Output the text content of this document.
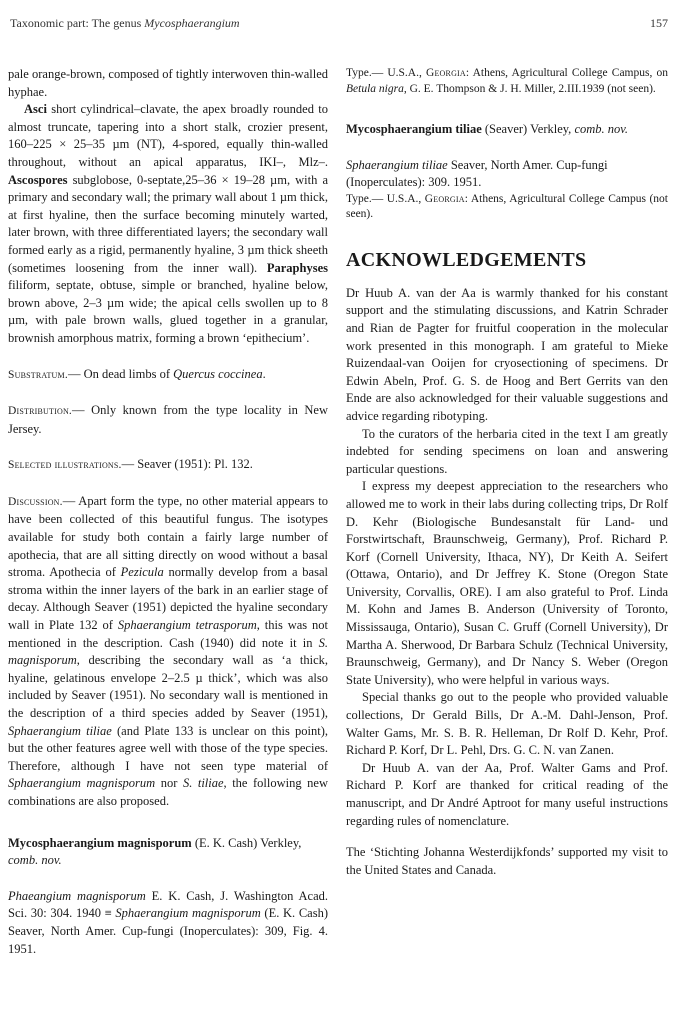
Taxonomic part: The genus Mycosphaerangium	157

pale orange-brown, composed of tightly interwoven thin-walled hyphae.

Asci short cylindrical–clavate, the apex broadly rounded to almost truncate, tapering into a short stalk, crozier present, 160–225 × 25–35 µm (NT), 4-spored, equally thin-walled throughout, without an apical apparatus, IKI–, Mlz–. Ascospores subglobose, 0-septate,25–36 × 19–28 µm, with a primary and secondary wall; the primary wall about 1 µm thick, at first hyaline, then the surface becoming minutely warted, later brown, with three differentiated layers; the secondary wall formed early as a rigid, permanently hyaline, 3 µm thick sheeth (sometimes loosening from the inner wall). Paraphyses filiform, septate, obtuse, simple or branched, hyaline below, brown above, 2–3 µm wide; the apical cells swollen up to 8 µm, with pale brown walls, glued together in a granular, brownish amorphous matrix, forming a brown ‘epithecium’.

Substratum.— On dead limbs of Quercus coccinea.

Distribution.— Only known from the type locality in New Jersey.

Selected illustrations.— Seaver (1951): Pl. 132.

Discussion.— Apart form the type, no other material appears to have been collected of this beautiful fungus. The isotypes available for study both contain a fairly large number of apothecia, that are all sitting directly on wood without a basal stroma. Apothecia of Pezicula normally develop from a basal stroma within the inner layers of the bark in an earlier stage of decay. Although Seaver (1951) depicted the hyaline secondary wall in Plate 132 of Sphaerangium tetrasporum, this was not mentioned in the description. Cash (1940) did note it in S. magnisporum, describing the secondary wall as ‘a thick, hyaline, gelatinous envelope 2–2.5 µ thick’, which was also included by Seaver (1951). No secondary wall is mentioned in the description of a third species added by Seaver (1951), Sphaerangium tiliae (and Plate 133 is unclear on this point), but the other features agree well with those of the type species. Therefore, although I have not seen type material of Sphaerangium magnisporum nor S. tiliae, the following new combinations are also proposed.

Mycosphaerangium magnisporum (E. K. Cash) Verkley, comb. nov.

Phaeangium magnisporum E. K. Cash, J. Washington Acad. Sci. 30: 304. 1940 ≡ Sphaerangium magnisporum (E. K. Cash) Seaver, North Amer. Cup-fungi (Inoperculates): 309, Fig. 4. 1951.

Type.— U.S.A., Georgia: Athens, Agricultural College Campus, on Betula nigra, G. E. Thompson & J. H. Miller, 2.III.1939 (not seen).

Mycosphaerangium tiliae (Seaver) Verkley, comb. nov.

Sphaerangium tiliae Seaver, North Amer. Cup-fungi (Inoperculates): 309. 1951.

Type.— U.S.A., Georgia: Athens, Agricultural College Campus (not seen).

ACKNOWLEDGEMENTS

Dr Huub A. van der Aa is warmly thanked for his constant support and the stimulating discussions, and Katrin Schrader and Rian de Pagter for fruitful cooperation in the molecular work presented in this monograph. I am grateful to Mieke Ruizendaal-van Ooijen for cryosectioning of specimens. Dr Edwin Abeln, Prof. G. S. de Hoog and Bert Gerrits van den Ende are also acknowledged for their valuable suggestions and advice regarding ribotyping.

To the curators of the herbaria cited in the text I am greatly indebted for sending specimens on loan and answering particular questions.

I express my deepest appreciation to the researchers who allowed me to work in their labs during collecting trips, Dr Rolf D. Kehr (Biologische Bundesanstalt für Land- und Forstwirtschaft, Braunschweig, Germany), Prof. Richard P. Korf (Cornell University, Ithaca, NY), Dr Keith A. Seifert (Ottawa, Ontario), and Dr Jeffrey K. Stone (Oregon State University, Corvallis, ORE). I am also grateful to Prof. Linda M. Kohn and James B. Anderson (University of Toronto, Mississauga, Ontario), Susan C. Gruff (Cornell University), Dr Martha A. Sherwood, Dr Barbara Schulz (Technical University, Braunschweig, Germany), and Dr Nancy S. Weber (Oregon State University), who were helpful in various ways.

Special thanks go out to the people who provided valuable collections, Dr Gerald Bills, Dr A.-M. Dahl-Jenson, Prof. Walter Gams, Mr. S. B. R. Helleman, Dr Rolf D. Kehr, Prof. Richard P. Korf, Dr L. Pehl, Drs. G. C. N. van Zanen.

Dr Huub A. van der Aa, Prof. Walter Gams and Prof. Richard P. Korf are thanked for critical reading of the manuscript, and Dr André Aptroot for many useful instructions regarding rules of nomenclature.

The ‘Stichting Johanna Westerdijkfonds’ supported my visit to the United States and Canada.
